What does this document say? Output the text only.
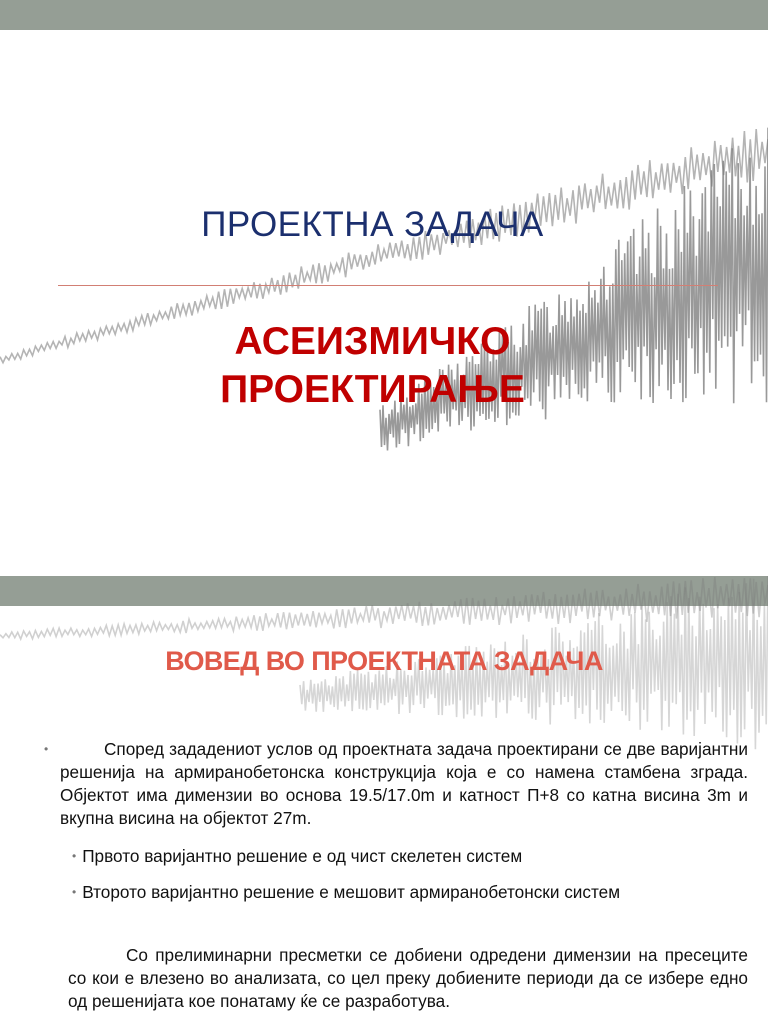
ПРОЕКТНА ЗАДАЧА
АСЕИЗМИЧКО
ПРОЕКТИРАЊЕ
ВОВЕД ВО ПРОЕКТНАТА ЗАДАЧА
•	Според зададениот услов од проектната задача проектирани се две варијантни решенија на армиранобетонска конструкција која е со намена стамбена зграда. Објектот има димензии во основа 19.5/17.0m и катност П+8 со катна висина 3m и вкупна висина на објектот 27m.

• Првото варијантно решение е од чист скелетен систем
• Второто варијантно решение е мешовит армиранобетонски систем

Со прелиминарни пресметки се добиени одредени димензии на пресеците со кои е влезено во анализата, со цел преку добиените периоди да се избере едно од решенијата кое понатаму ќе се разработува.
